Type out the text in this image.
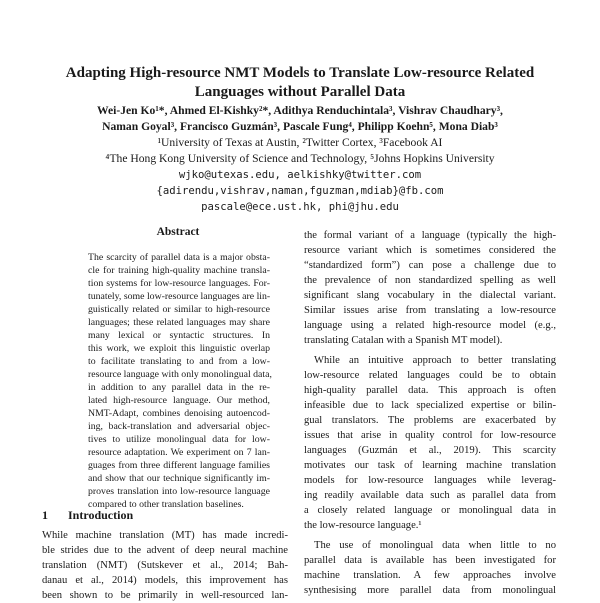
Adapting High-resource NMT Models to Translate Low-resource Related
Languages without Parallel Data
Wei-Jen Ko¹*, Ahmed El-Kishky²*, Adithya Renduchintala³, Vishrav Chaudhary³,
Naman Goyal³, Francisco Guzmán³, Pascale Fung⁴, Philipp Koehn⁵, Mona Diab³
¹University of Texas at Austin, ²Twitter Cortex, ³Facebook AI
⁴The Hong Kong University of Science and Technology, ⁵Johns Hopkins University
wjko@utexas.edu, aelkishky@twitter.com
{adirendu,vishrav,naman,fguzman,mdiab}@fb.com
pascale@ece.ust.hk, phi@jhu.edu
Abstract
The scarcity of parallel data is a major obsta-
cle for training high-quality machine transla-
tion systems for low-resource languages. For-
tunately, some low-resource languages are lin-
guistically related or similar to high-resource
languages; these related languages may share
many lexical or syntactic structures. In
this work, we exploit this linguistic overlap
to facilitate translating to and from a low-
resource language with only monolingual data,
in addition to any parallel data in the re-
lated high-resource language. Our method,
NMT-Adapt, combines denoising autoencod-
ing, back-translation and adversarial objec-
tives to utilize monolingual data for low-
resource adaptation. We experiment on 7 lan-
guages from three different language families
and show that our technique significantly im-
proves translation into low-resource language
compared to other translation baselines.
1 Introduction
While machine translation (MT) has made incredi-
ble strides due to the advent of deep neural machine
translation (NMT) (Sutskever et al., 2014; Bah-
danau et al., 2014) models, this improvement has
been shown to be primarily in well-resourced lan-
the formal variant of a language (typically the high-
resource variant which is sometimes considered the
“standardized form”) can pose a challenge due to
the prevalence of non standardized spelling as well
significant slang vocabulary in the dialectal variant.
Similar issues arise from translating a low-resource
language using a related high-resource model (e.g.,
translating Catalan with a Spanish MT model).
While an intuitive approach to better translating
low-resource related languages could be to obtain
high-quality parallel data. This approach is often
infeasible due to lack specialized expertise or bilin-
gual translators. The problems are exacerbated by
issues that arise in quality control for low-resource
languages (Guzmán et al., 2019). This scarcity
motivates our task of learning machine translation
models for low-resource languages while leverag-
ing readily available data such as parallel data from
a closely related language or monolingual data in
the low-resource language.¹
The use of monolingual data when little to no
parallel data is available has been investigated for
machine translation. A few approaches involve
synthesising more parallel data from monolingual
